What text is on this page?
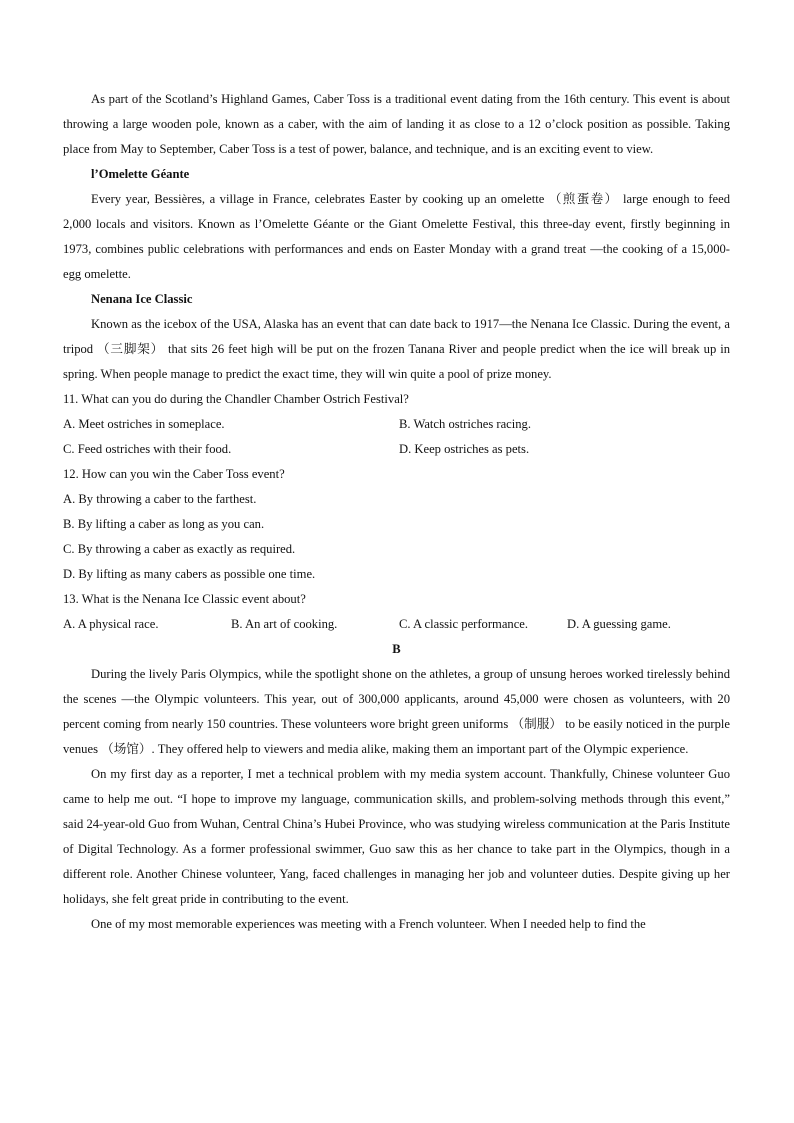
As part of the Scotland’s Highland Games, Caber Toss is a traditional event dating from the 16th century. This event is about throwing a large wooden pole, known as a caber, with the aim of landing it as close to a 12 o’clock position as possible. Taking place from May to September, Caber Toss is a test of power, balance, and technique, and is an exciting event to view.

l’Omelette Géante

Every year, Bessières, a village in France, celebrates Easter by cooking up an omelette （煎蛋卷） large enough to feed 2,000 locals and visitors. Known as l’Omelette Géante or the Giant Omelette Festival, this three-day event, firstly beginning in 1973, combines public celebrations with performances and ends on Easter Monday with a grand treat —the cooking of a 15,000-egg omelette.

Nenana Ice Classic

Known as the icebox of the USA, Alaska has an event that can date back to 1917—the Nenana Ice Classic. During the event, a tripod （三脚架） that sits 26 feet high will be put on the frozen Tanana River and people predict when the ice will break up in spring. When people manage to predict the exact time, they will win quite a pool of prize money.

11. What can you do during the Chandler Chamber Ostrich Festival?

A. Meet ostriches in someplace.	B. Watch ostriches racing.
C. Feed ostriches with their food.	D. Keep ostriches as pets.

12. How can you win the Caber Toss event?

A. By throwing a caber to the farthest.

B. By lifting a caber as long as you can.

C. By throwing a caber as exactly as required.

D. By lifting as many cabers as possible one time.

13. What is the Nenana Ice Classic event about?

A. A physical race.	B. An art of cooking.	C. A classic performance.	D. A guessing game.

B

During the lively Paris Olympics, while the spotlight shone on the athletes, a group of unsung heroes worked tirelessly behind the scenes —the Olympic volunteers. This year, out of 300,000 applicants, around 45,000 were chosen as volunteers, with 20 percent coming from nearly 150 countries. These volunteers wore bright green uniforms （制服） to be easily noticed in the purple venues （场馆）. They offered help to viewers and media alike, making them an important part of the Olympic experience.

On my first day as a reporter, I met a technical problem with my media system account. Thankfully, Chinese volunteer Guo came to help me out. “I hope to improve my language, communication skills, and problem-solving methods through this event,” said 24-year-old Guo from Wuhan, Central China’s Hubei Province, who was studying wireless communication at the Paris Institute of Digital Technology. As a former professional swimmer, Guo saw this as her chance to take part in the Olympics, though in a different role. Another Chinese volunteer, Yang, faced challenges in managing her job and volunteer duties. Despite giving up her holidays, she felt great pride in contributing to the event.

One of my most memorable experiences was meeting with a French volunteer. When I needed help to find the
